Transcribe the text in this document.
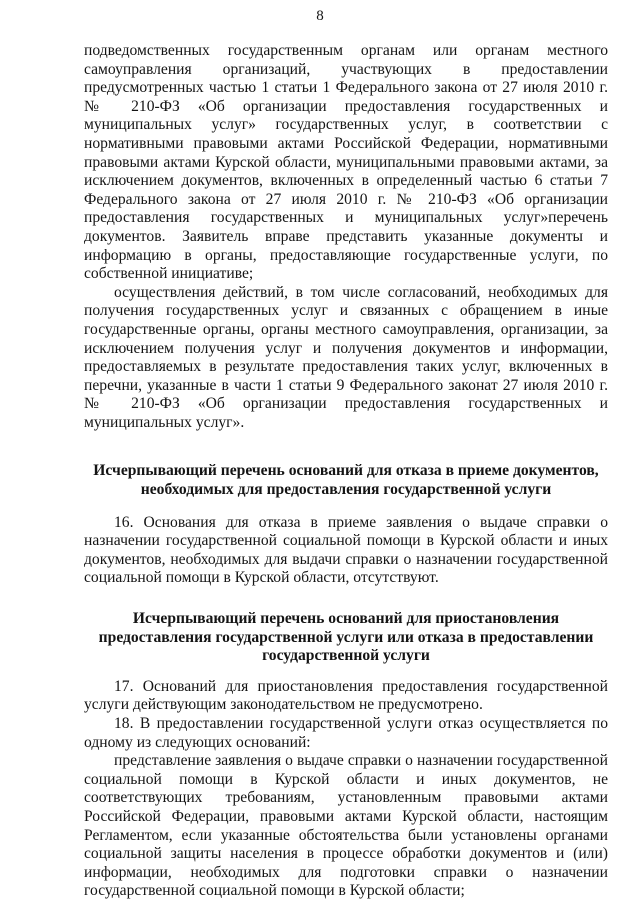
8

подведомственных государственным органам или органам местного самоуправления организаций, участвующих в предоставлении предусмотренных частью 1 статьи 1 Федерального закона от 27 июля 2010 г. № 210-ФЗ «Об организации предоставления государственных и муниципальных услуг» государственных услуг, в соответствии с нормативными правовыми актами Российской Федерации, нормативными правовыми актами Курской области, муниципальными правовыми актами, за исключением документов, включенных в определенный частью 6 статьи 7 Федерального закона от 27 июля 2010 г. № 210-ФЗ «Об организации предоставления государственных и муниципальных услуг»перечень документов. Заявитель вправе представить указанные документы и информацию в органы, предоставляющие государственные услуги, по собственной инициативе;

осуществления действий, в том числе согласований, необходимых для получения государственных услуг и связанных с обращением в иные государственные органы, органы местного самоуправления, организации, за исключением получения услуг и получения документов и информации, предоставляемых в результате предоставления таких услуг, включенных в перечни, указанные в части 1 статьи 9 Федерального законат 27 июля 2010 г. № 210-ФЗ «Об организации предоставления государственных и муниципальных услуг».

Исчерпывающий перечень оснований для отказа в приеме документов, необходимых для предоставления государственной услуги

16. Основания для отказа в приеме заявления о выдаче справки о назначении государственной социальной помощи в Курской области и иных документов, необходимых для выдачи справки о назначении государственной социальной помощи в Курской области, отсутствуют.

Исчерпывающий перечень оснований для приостановления предоставления государственной услуги или отказа в предоставлении государственной услуги

17. Оснований для приостановления предоставления государственной услуги действующим законодательством не предусмотрено.

18. В предоставлении государственной услуги отказ осуществляется по одному из следующих оснований:

представление заявления о выдаче справки о назначении государственной социальной помощи в Курской области и иных документов, не соответствующих требованиям, установленным правовыми актами Российской Федерации, правовыми актами Курской области, настоящим Регламентом, если указанные обстоятельства были установлены органами социальной защиты населения в процессе обработки документов и (или) информации, необходимых для подготовки справки о назначении государственной социальной помощи в Курской области;
